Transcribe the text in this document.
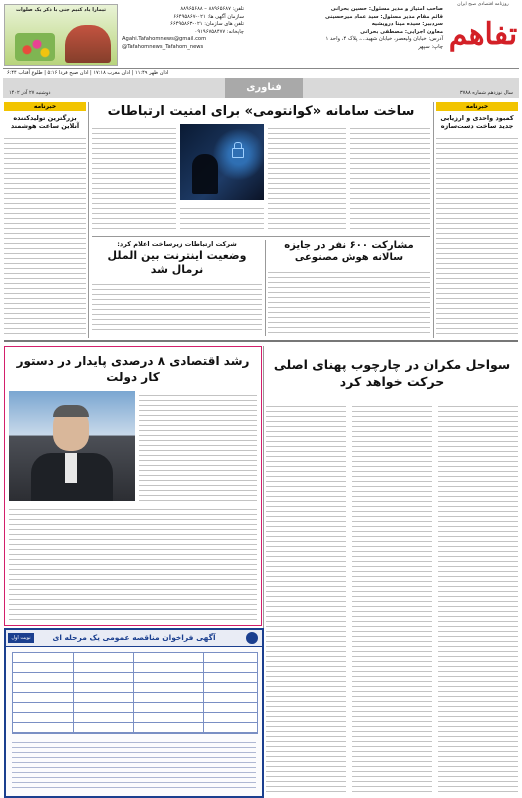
تیمارا یاد کنیم جنی با ذکر یک صلوات	تلفن: ۸۸۹۶۵۶۸۷ – ۸۸۹۶۵۶۸۸
سازمان آگهی ها: ۰۲۱-۶۶۴۹۵۸۶۷
تلفن های سازمان: ۰۲۱-۶۶۴۹۵۸۶۳
چاپخانه: ۰۹۱۹۶۷۵۸۴۷۷
Agahi.Tafahomnews@gmail.com
@Tafahomnews_Tafahom_news
صاحب امتیاز و مدیر مسئول: حسین بحرانی
قائم مقام مدیر مسئول: سید عماد میرحسینی
سردبیر: سیده مینا درویشیه
معاون اجرایی: مصطفی بحرانی
آدرس: خیابان ولیعصر، خیابان شهید...، پلاک ۴، واحد ۱
چاپ: سپهر
روزنامه اقتصادی صبح ایران
تفاهم
اذان ظهر ۱۱:۴۹ | اذان مغرب ۱۷:۱۸ | اذان صبح فردا ۵:۱۶ | طلوع آفتاب ۶:۴۴
فناوری	سال نوزدهم شماره ۳۷۸۸
دوشنبه ۲۷ آذر ۱۴۰۲
خبرنامه
بزرگترین تولیدکننده آنلاین ساعت هوشمند
خبرنامه
کمبود واحدی و ارزیابی جدید ساخت دست‌سازه
ساخت سامانه «کوانتومی» برای امنیت ارتباطات
شرکت ارتباطات زیرساخت اعلام کرد:
وضعیت اینترنت بین الملل نرمال شد
مشارکت ۶۰۰ نفر در جایزه سالانه هوش مصنوعی
رشد اقتصادی ۸ درصدی پایدار در دستور کار دولت
سواحل مکران در چارچوب پهنای اصلی حرکت خواهد کرد
آگهی فراخوان مناقصه عمومی یک مرحله ای
نوبت اول
